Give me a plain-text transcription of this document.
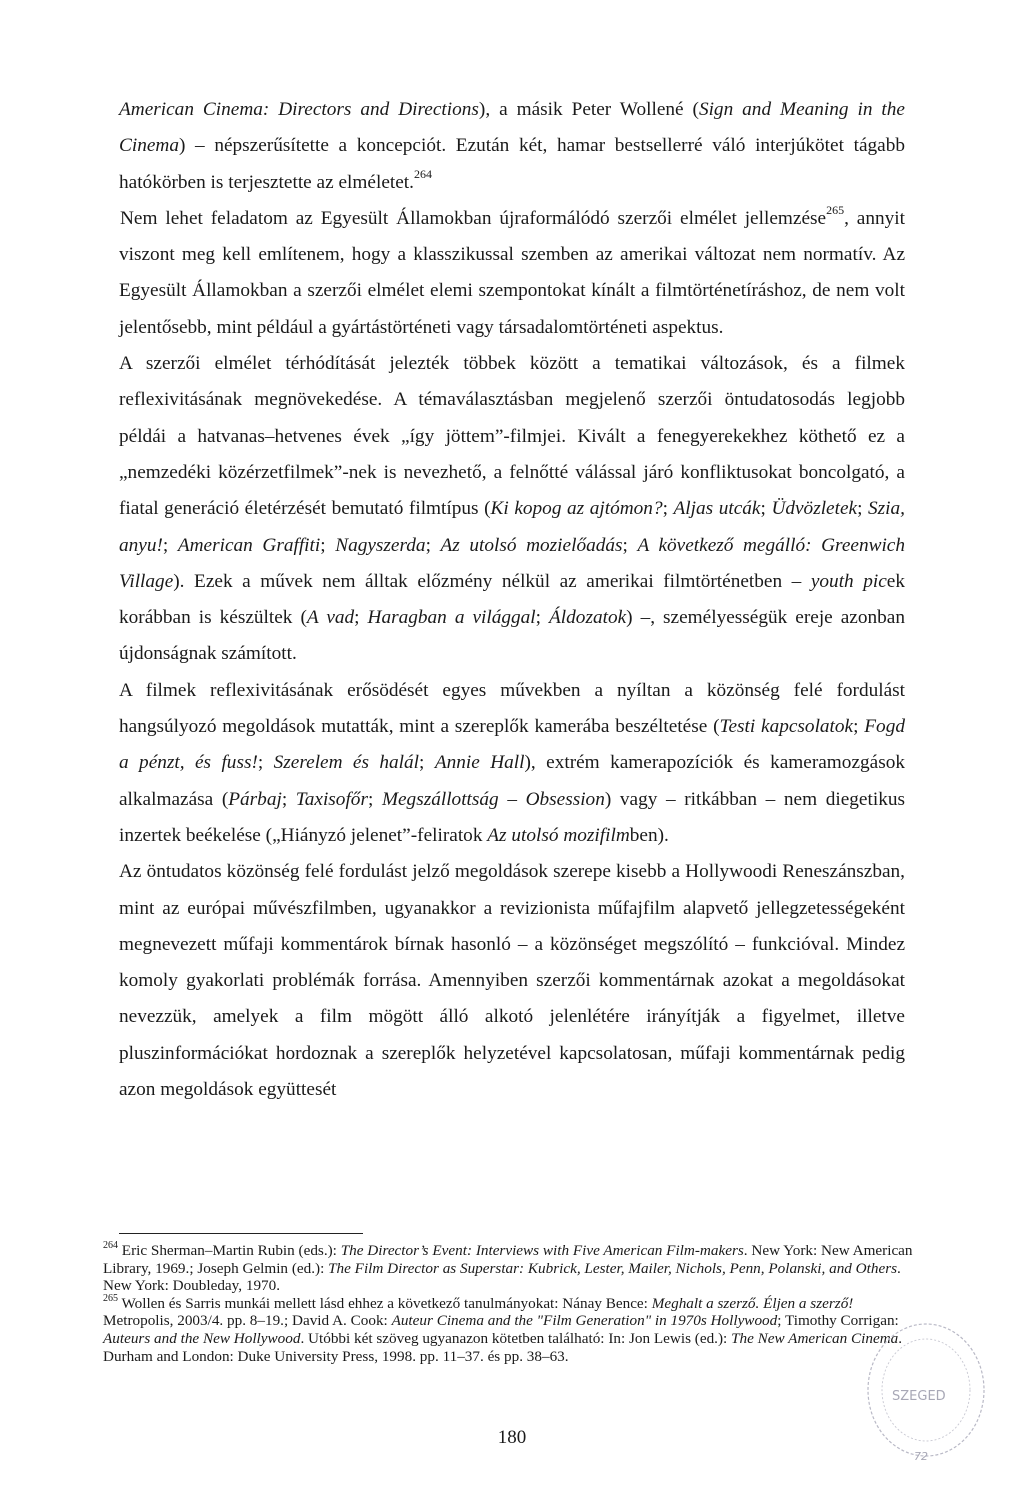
American Cinema: Directors and Directions), a másik Peter Wollené (Sign and Meaning in the Cinema) – népszerűsítette a koncepciót. Ezután két, hamar bestsellerré váló interjúkötet tágabb hatókörben is terjesztette az elméletet.$^{264}$

Nem lehet feladatom az Egyesült Államokban újraformálódó szerzői elmélet jellemzése$^{265}$, annyit viszont meg kell említenem, hogy a klasszikussal szemben az amerikai változat nem normatív. Az Egyesült Államokban a szerzői elmélet elemi szempontokat kínált a filmtörténetíráshoz, de nem volt jelentősebb, mint például a gyártástörténeti vagy társadalomtörténeti aspektus.

A szerzői elmélet térhódítását jelezték többek között a tematikai változások, és a filmek reflexivitásának megnövekedése. A témaválasztásban megjelenő szerzői öntudatosodás legjobb példái a hatvanas–hetvenes évek „így jöttem”-filmjei. Kivált a fenegyerekekhez köthető ez a „nemzedéki közérzetfilmek”-nek is nevezhető, a felnőtté válással járó konfliktusokat boncolgató, a fiatal generáció életérzését bemutató filmtípus (Ki kopog az ajtómon?; Aljas utcák; Üdvözletek; Szia, anyu!; American Graffiti; Nagyszerda; Az utolsó mozielőadás; A következő megálló: Greenwich Village). Ezek a művek nem álltak előzmény nélkül az amerikai filmtörténetben – youth picek korábban is készültek (A vad; Haragban a világgal; Áldozatok) –, személyességük ereje azonban újdonságnak számított.

A filmek reflexivitásának erősödését egyes művekben a nyíltan a közönség felé fordulást hangsúlyozó megoldások mutatták, mint a szereplők kamerába beszéltetése (Testi kapcsolatok; Fogd a pénzt, és fuss!; Szerelem és halál; Annie Hall), extrém kamerapozíciók és kameramozgások alkalmazása (Párbaj; Taxisofőr; Megszállottság – Obsession) vagy – ritkábban – nem diegetikus inzertek beékelése („Hiányzó jelenet”-feliratok Az utolsó mozifilmben).

Az öntudatos közönség felé fordulást jelző megoldások szerepe kisebb a Hollywoodi Reneszánszban, mint az európai művészfilmben, ugyanakkor a revizionista műfajfilm alapvető jellegzetességeként megnevezett műfaji kommentárok bírnak hasonló – a közönséget megszólító – funkcióval. Mindez komoly gyakorlati problémák forrása. Amennyiben szerzői kommentárnak azokat a megoldásokat nevezzük, amelyek a film mögött álló alkotó jelenlétére irányítják a figyelmet, illetve pluszinformációkat hordoznak a szereplők helyzetével kapcsolatosan, műfaji kommentárnak pedig azon megoldások együttesét

$^{264}$ Eric Sherman–Martin Rubin (eds.): The Director’s Event: Interviews with Five American Film-makers. New York: New American Library, 1969.; Joseph Gelmin (ed.): The Film Director as Superstar: Kubrick, Lester, Mailer, Nichols, Penn, Polanski, and Others. New York: Doubleday, 1970.

$^{265}$ Wollen és Sarris munkái mellett lásd ehhez a következő tanulmányokat: Nánay Bence: Meghalt a szerző. Éljen a szerző! Metropolis, 2003/4. pp. 8–19.; David A. Cook: Auteur Cinema and the "Film Generation" in 1970s Hollywood; Timothy Corrigan: Auteurs and the New Hollywood. Utóbbi két szöveg ugyanazon kötetben található: In: Jon Lewis (ed.): The New American Cinema. Durham and London: Duke University Press, 1998. pp. 11–37. és pp. 38–63.

180
SZEGED
72
